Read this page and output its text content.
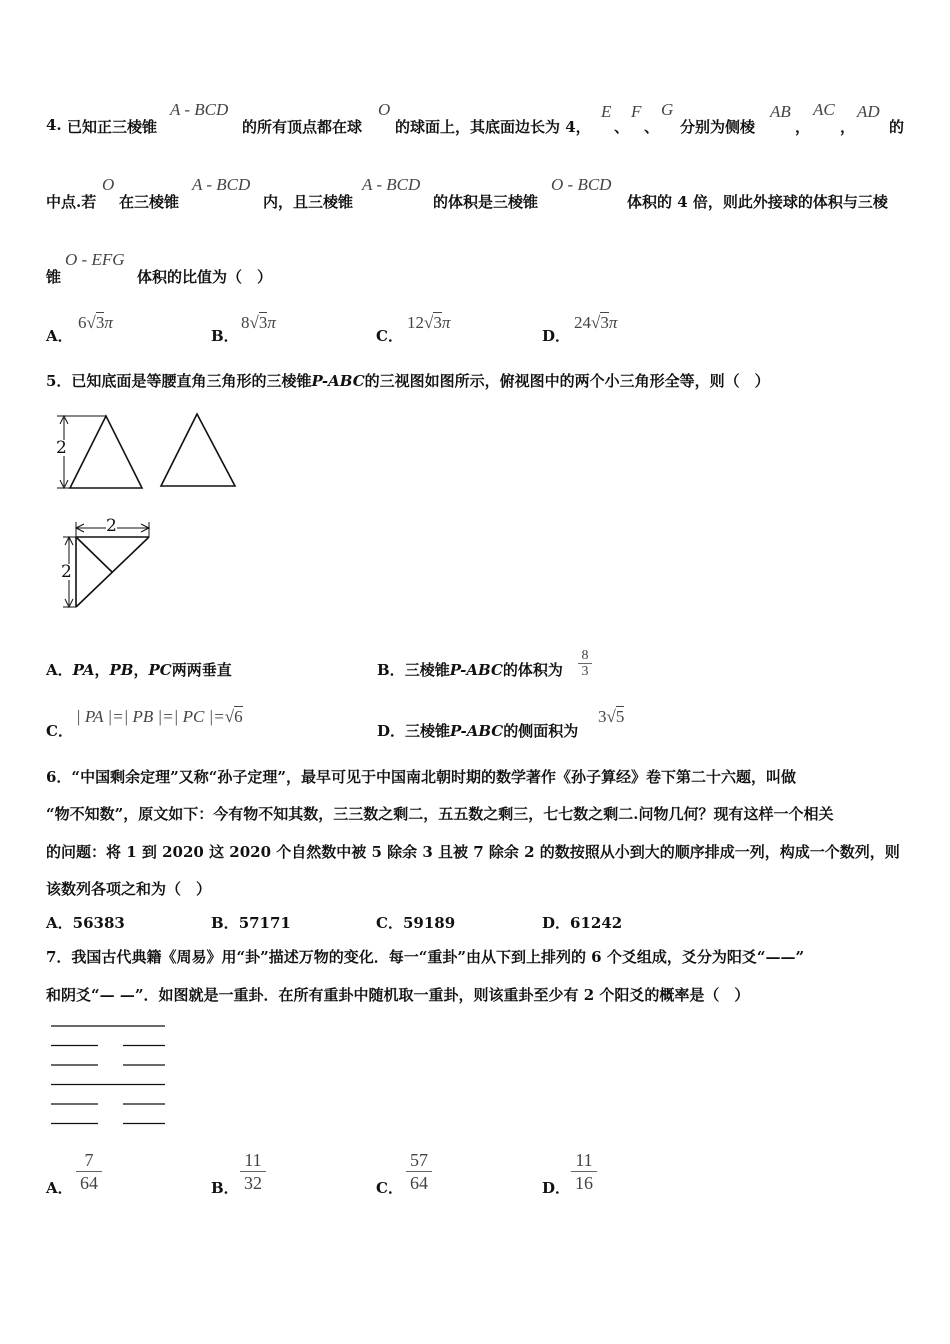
4. 已知正三棱锥
A - BCD
的所有顶点都在球
O
的球面上，其底面边长为 4，
E
、
F
、
G
分别为侧棱
AB
，
AC
，
AD
的
中点.若
O
在三棱锥
A - BCD
内，且三棱锥
A - BCD
的体积是三棱锥
O - BCD
体积的 4 倍，则此外接球的体积与三棱
锥
O - EFG
体积的比值为（　）
A．
6√3π
B．
8√3π
C．
12√3π
D．
24√3π
5．已知底面是等腰直角三角形的三棱锥P-ABC的三视图如图所示，俯视图中的两个小三角形全等，则（　）
2
2
2
A．PA，PB，PC两两垂直	B．三棱锥P-ABC的体积为
8
3
C．
| PA |=| PB |=| PC |=√6
D．三棱锥P-ABC的侧面积为
3√5
6．“中国剩余定理”又称“孙子定理”，最早可见于中国南北朝时期的数学著作《孙子算经》卷下第二十六题，叫做
“物不知数”，原文如下：今有物不知其数，三三数之剩二，五五数之剩三，七七数之剩二.问物几何？现有这样一个相关
的问题：将 1 到 2020 这 2020 个自然数中被 5 除余 3 且被 7 除余 2 的数按照从小到大的顺序排成一列，构成一个数列，则
该数列各项之和为（　）
A．56383	B．57171	C．59189	D．61242
7．我国古代典籍《周易》用“卦”描述万物的变化．每一“重卦”由从下到上排列的 6 个爻组成，爻分为阳爻“——”
和阴爻“— —”．如图就是一重卦．在所有重卦中随机取一重卦，则该重卦至少有 2 个阳爻的概率是（　）
A．
7
64	B．
11
32	C．
57
64	D．
11
16
